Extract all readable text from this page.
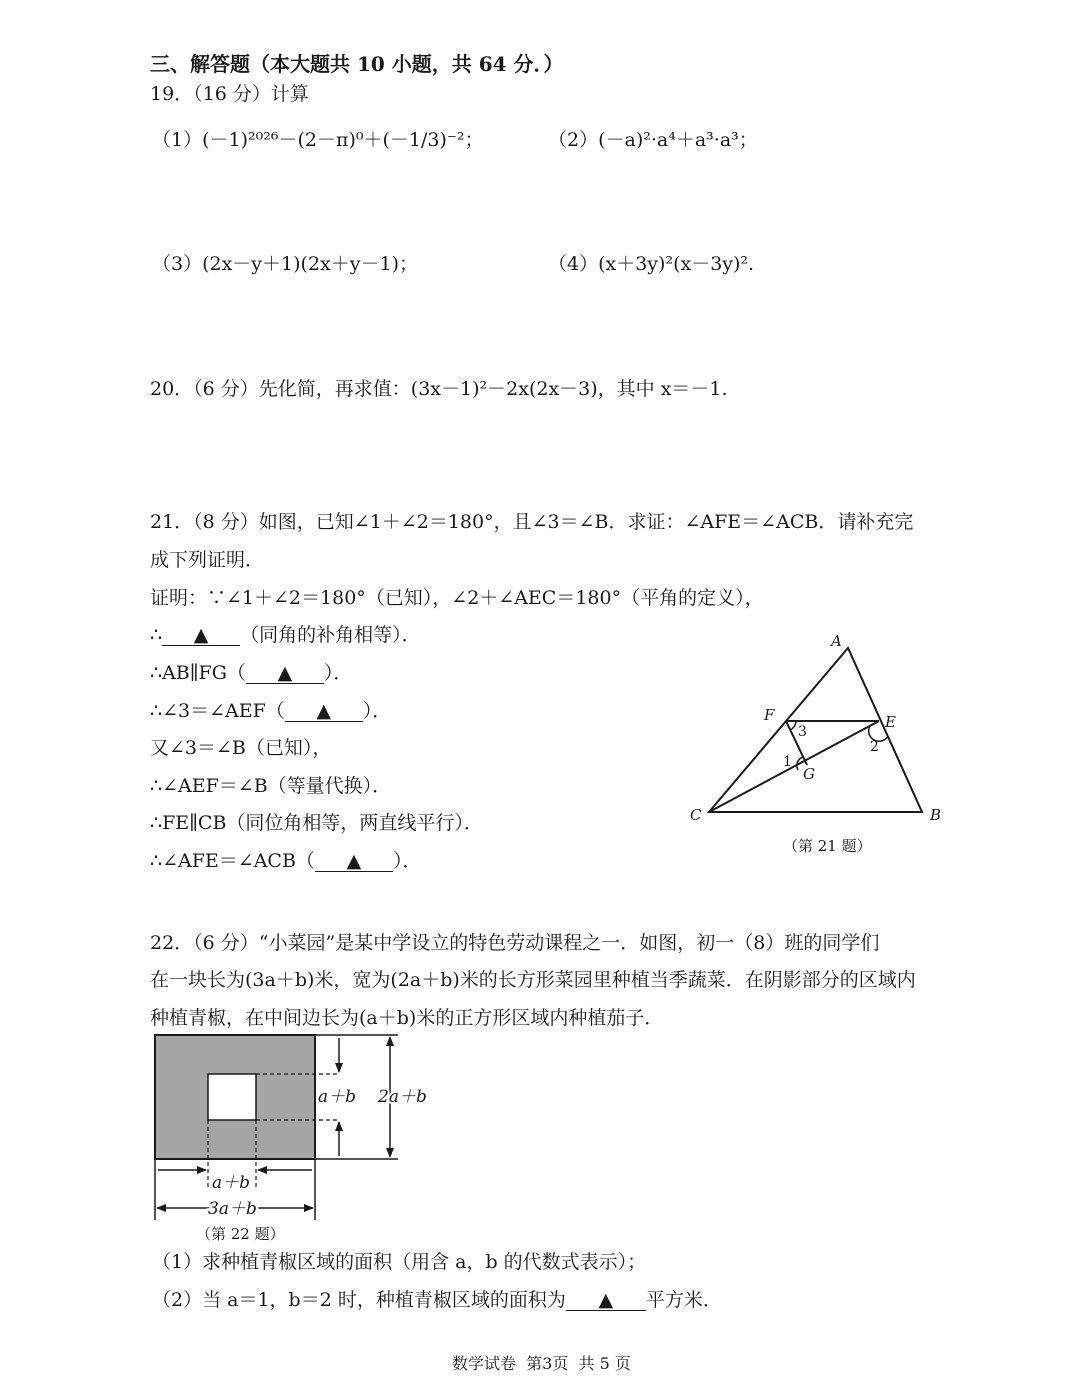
三、解答题（本大题共 10 小题，共 64 分．）
19．（16 分）计算
（1）(－1)²⁰²⁶－(2－π)⁰＋(－1/3)⁻²；	（2）(－a)²·a⁴＋a³·a³；
（3）(2x－y＋1)(2x＋y－1)；	（4）(x＋3y)²(x－3y)².
20．（6 分）先化简，再求值：(3x－1)²－2x(2x－3)，其中 x＝－1.
21．（8 分）如图，已知∠1＋∠2＝180°，且∠3＝∠B．求证：∠AFE＝∠ACB．请补充完
成下列证明．
证明：∵∠1＋∠2＝180°（已知），∠2＋∠AEC＝180°（平角的定义），
∴ ▲ （同角的补角相等）．
∴AB∥FG（ ▲ ）．
∴∠3＝∠AEF（ ▲ ）．
又∠3＝∠B（已知），
∴∠AEF＝∠B（等量代换）．
∴FE∥CB（同位角相等，两直线平行）．
∴∠AFE＝∠ACB（ ▲ ）．
A
F	E
G
C	B
3
2
1
（第 21 题）
22．（6 分）“小菜园”是某中学设立的特色劳动课程之一．如图，初一（8）班的同学们
在一块长为(3a＋b)米，宽为(2a＋b)米的长方形菜园里种植当季蔬菜．在阴影部分的区域内
种植青椒，在中间边长为(a＋b)米的正方形区域内种植茄子．
a＋b 2a＋b
a＋b
3a＋b
（第 22 题）
（1）求种植青椒区域的面积（用含 a，b 的代数式表示）；
（2）当 a＝1，b＝2 时，种植青椒区域的面积为 ▲ 平方米．
数学试卷  第3页  共 5 页
